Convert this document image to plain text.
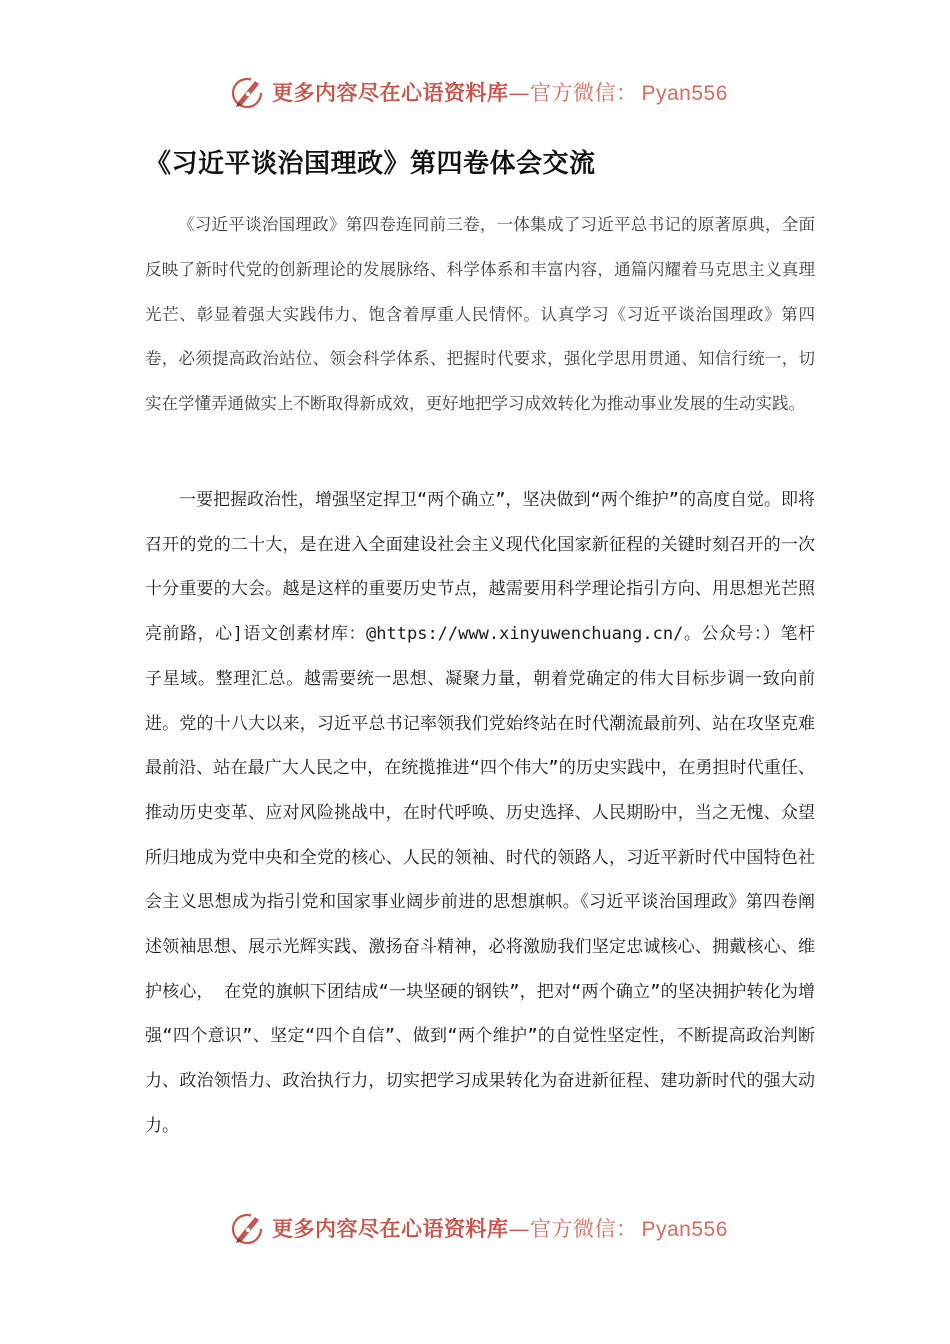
更多内容尽在心语资料库—官方微信： Pyan556
《习近平谈治国理政》第四卷体会交流

《习近平谈治国理政》第四卷连同前三卷，一体集成了习近平总书记的原著原典，全面反映了新时代党的创新理论的发展脉络、科学体系和丰富内容，通篇闪耀着马克思主义真理光芒、彰显着强大实践伟力、饱含着厚重人民情怀。认真学习《习近平谈治国理政》第四卷，必须提高政治站位、领会科学体系、把握时代要求，强化学思用贯通、知信行统一，切实在学懂弄通做实上不断取得新成效，更好地把学习成效转化为推动事业发展的生动实践。

一要把握政治性，增强坚定捍卫“两个确立”，坚决做到“两个维护”的高度自觉。即将召开的党的二十大，是在进入全面建设社会主义现代化国家新征程的关键时刻召开的一次十分重要的大会。越是这样的重要历史节点，越需要用科学理论指引方向、用思想光芒照亮前路，心]语文创素材库：@https://www.xinyuwenchuang.cn/。公众号：）笔杆子星域。整理汇总。越需要统一思想、凝聚力量，朝着党确定的伟大目标步调一致向前进。党的十八大以来，习近平总书记率领我们党始终站在时代潮流最前列、站在攻坚克难最前沿、站在最广大人民之中，在统揽推进“四个伟大”的历史实践中，在勇担时代重任、推动历史变革、应对风险挑战中，在时代呼唤、历史选择、人民期盼中，当之无愧、众望所归地成为党中央和全党的核心、人民的领袖、时代的领路人，习近平新时代中国特色社会主义思想成为指引党和国家事业阔步前进的思想旗帜。《习近平谈治国理政》第四卷阐述领袖思想、展示光辉实践、激扬奋斗精神，必将激励我们坚定忠诚核心、拥戴核心、维护核心， 在党的旗帜下团结成“一块坚硬的钢铁”，把对“两个确立”的坚决拥护转化为增强“四个意识”、坚定“四个自信”、做到“两个维护”的自觉性坚定性，不断提高政治判断力、政治领悟力、政治执行力，切实把学习成果转化为奋进新征程、建功新时代的强大动力。

更多内容尽在心语资料库—官方微信： Pyan556
